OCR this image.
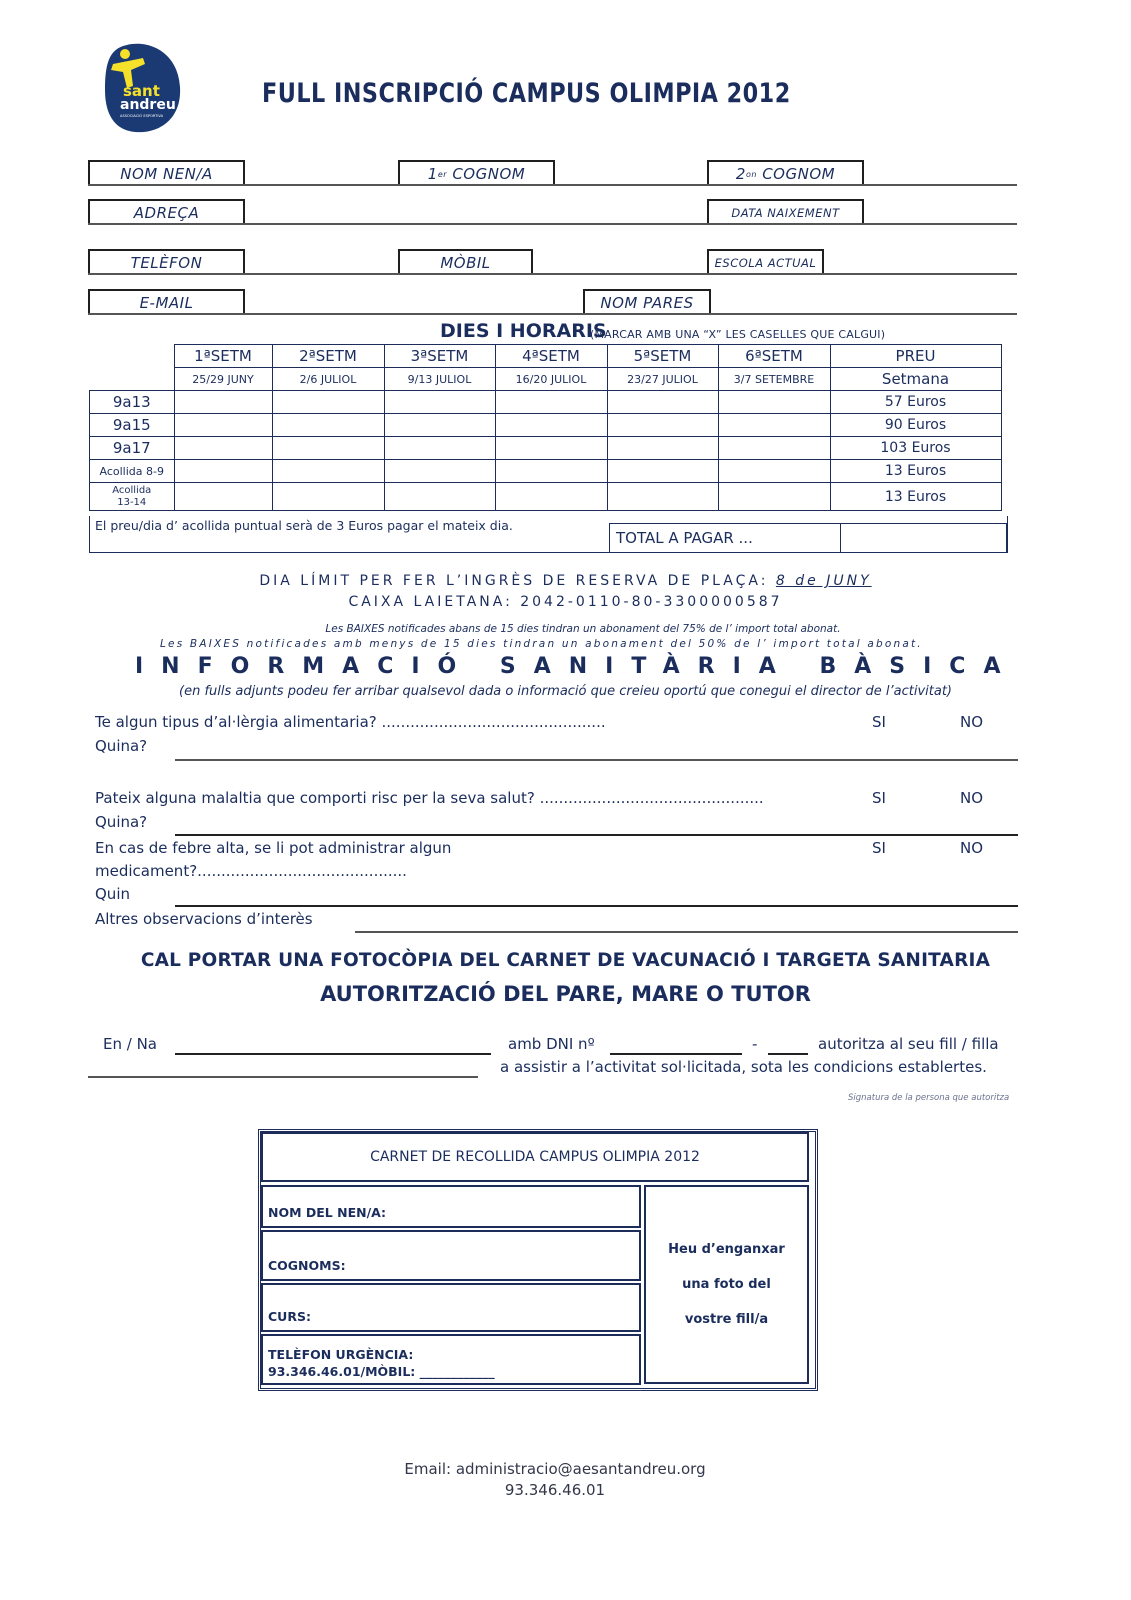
sant
andreu
ASSOCIACIÓ ESPORTIVA
FULL INSCRIPCIÓ CAMPUS OLIMPIA 2012
NOM NEN/A	1 er COGNOM	2 on COGNOM
ADREÇA	DATA NAIXEMENT
TELÈFON	MÒBIL	ESCOLA ACTUAL
E-MAIL	NOM PARES
DIES I HORARIS
(MARCAR AMB UNA “X” LES CASELLES QUE CALGUI)
	1ªSETM	2ªSETM	3ªSETM	4ªSETM	5ªSETM	6ªSETM	PREU
	25/29 JUNY	2/6 JULIOL	9/13 JULIOL	16/20 JULIOL	23/27 JULIOL	3/7 SETEMBRE	Setmana
9a13							57 Euros
9a15							90 Euros
9a17							103 Euros
Acollida 8-9							13 Euros
Acollida 13-14							13 Euros
El preu/dia d’ acollida puntual serà de 3 Euros pagar el mateix dia.
TOTAL A PAGAR ...
DIA LÍMIT PER FER L’INGRÈS DE RESERVA DE PLAÇA: 8 de JUNY
CAIXA LAIETANA: 2042-0110-80-3300000587
Les BAIXES notificades abans de 15 dies tindran un abonament del 75% de l’ import total abonat.
Les BAIXES notificades amb menys de 15 dies tindran un abonament del 50% de l’ import total abonat.
INFORMACIÓ SANITÀRIA BÀSICA
(en fulls adjunts podeu fer arribar qualsevol dada o informació que creieu oportú que conegui el director de l’activitat)
Te algun tipus d’al·lèrgia alimentaria? ...............................................	SI	NO
Quina?
Pateix alguna malaltia que comporti risc per la seva salut? ...............................................	SI	NO
Quina?
En cas de febre alta, se li pot administrar algun	SI	NO
medicament?............................................
Quin
Altres observacions d’interès
CAL PORTAR UNA FOTOCÒPIA DEL CARNET DE VACUNACIÓ I TARGETA SANITARIA
AUTORITZACIÓ DEL PARE, MARE O TUTOR
En / Na	amb DNI nº	-	autoritza al seu fill / filla
a assistir a l’activitat sol·licitada, sota les condicions establertes.
Signatura de la persona que autoritza
CARNET DE RECOLLIDA CAMPUS OLIMPIA 2012
NOM DEL NEN/A:
COGNOMS:
CURS:
TELÈFON URGÈNCIA:
93.346.46.01/MÒBIL: ____________
Heu d’enganxar
una foto del
vostre fill/a
Email: administracio@aesantandreu.org
93.346.46.01
